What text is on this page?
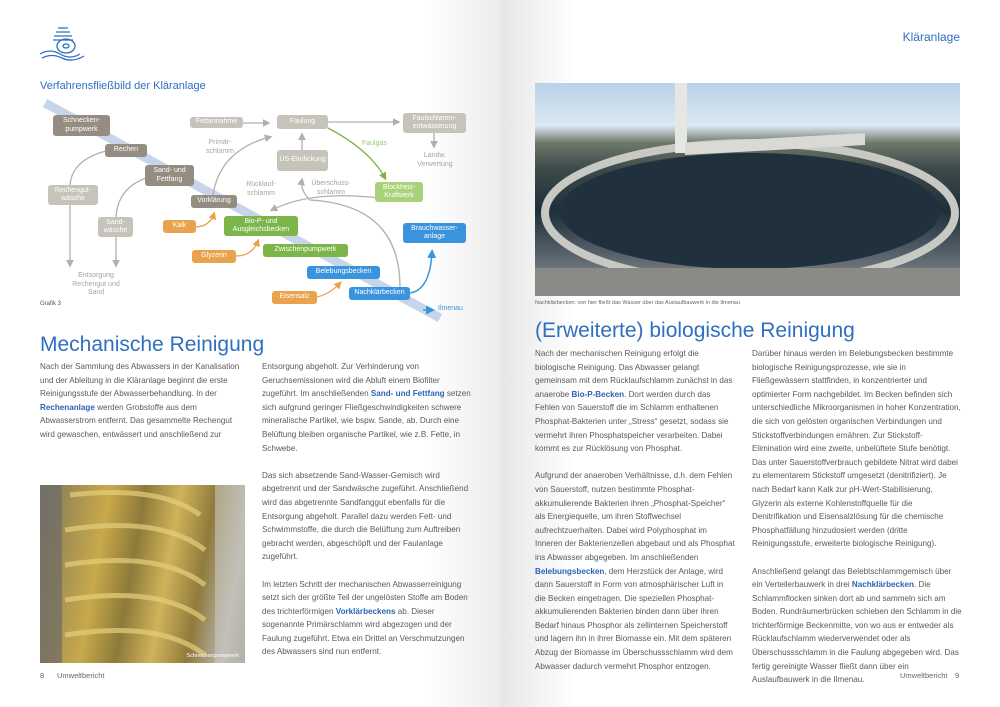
Verfahrensfließbild der Kläranlage
Schnecken-pumpwerk
Rechen
Sand- und Fettfang
Rechengut-wäsche
Sand-wäsche
Vorklärung
Kalk
Bio-P- und Ausgleichsbecken
Glyzerin
Zwischenpumpwerk
Belebungsbecken
Eisensalz
Nachklärbecken
Brauchwasser-anlage
Blockheiz-Kraftwerk
Fettannahme	Faulung	Faulschlamm-entwässerung
ÜS-Eindickung
Primär-schlamm
Faulgas
Landw. Verwertung
Rücklauf-schlamm
Überschuss-schlamm
Entsorgung Rechengut und Sand
Ilmenau
Grafik 3
Mechanische Reinigung

Nach der Sammlung des Abwassers in der Kanalisation und der Ableitung in die Kläranlage beginnt die erste Reinigungsstufe der Abwasserbehandlung. In der Rechenanlage werden Grobstoffe aus dem Abwasserstrom entfernt. Das gesammelte Rechengut wird gewaschen, entwässert und anschließend zur

Schneckenpumpwerk

Entsorgung abgeholt. Zur Verhinderung von Geruchsemissionen wird die Abluft einem Biofilter zugeführt. Im anschließenden Sand- und Fettfang setzen sich aufgrund geringer Fließgeschwindigkeiten schwere mineralische Partikel, wie bspw. Sande, ab. Durch eine Belüftung bleiben organische Partikel, wie z.B. Fette, in Schwebe.

Das sich absetzende Sand-Wasser-Gemisch wird abgetrennt und der Sandwäsche zugeführt. Anschließend wird das abgetrennte Sandfanggut ebenfalls für die Entsorgung abgeholt. Parallel dazu werden Fett- und Schwimmstoffe, die durch die Belüftung zum Auftreiben gebracht werden, abgeschöpft und der Faulanlage zugeführt.

Im letzten Schritt der mechanischen Abwasserreinigung setzt sich der größte Teil der ungelösten Stoffe am Boden des trichterförmigen Vorklärbeckens ab. Dieser sogenannte Primärschlamm wird abgezogen und der Faulung zugeführt. Etwa ein Drittel an Verschmutzungen des Abwassers sind nun entfernt.

8 Umweltbericht
Kläranlage
Nachklärbecken: von hier fließt das Wasser über das Auslaufbauwerk in die Ilmenau
(Erweiterte) biologische Reinigung

Nach der mechanischen Reinigung erfolgt die biologische Reinigung. Das Abwasser gelangt gemeinsam mit dem Rücklaufschlamm zunächst in das anaerobe Bio-P-Becken. Dort werden durch das Fehlen von Sauerstoff die im Schlamm enthaltenen Phosphat-Bakterien unter „Stress“ gesetzt, sodass sie vermehrt ihren Phosphatspeicher verarbeiten. Dabei kommt es zur Rücklösung von Phosphat.

Aufgrund der anaeroben Verhältnisse, d.h. dem Fehlen von Sauerstoff, nutzen bestimmte Phosphat-akkumulierende Bakterien ihren „Phosphat-Speicher“ als Energiequelle, um ihren Stoffwechsel aufrechtzuerhalten. Dabei wird Polyphosphat im Inneren der Bakterienzellen abgebaut und als Phosphat ins Abwasser abgegeben. Im anschließenden Belebungsbecken, dem Herzstück der Anlage, wird dann Sauerstoff in Form von atmosphärischer Luft in die Becken eingetragen. Die speziellen Phosphat-akkumulierenden Bakterien binden dann über ihren Bedarf hinaus Phosphor als zellinternen Speicherstoff und lagern ihn in ihrer Biomasse ein. Mit dem späteren Abzug der Biomasse im Überschussschlamm wird dem Abwasser dadurch vermehrt Phosphor entzogen.

Darüber hinaus werden im Belebungsbecken bestimmte biologische Reinigungsprozesse, wie sie in Fließgewässern stattfinden, in konzentrierter und optimierter Form nachgebildet. Im Becken befinden sich unterschiedliche Mikroorganismen in hoher Konzentration, die sich von gelösten organischen Verbindungen und Stickstoffverbindungen ernähren. Zur Stickstoff-Elimination wird eine zweite, unbelüftete Stufe benötigt. Das unter Sauerstoffverbrauch gebildete Nitrat wird dabei zu elementarem Stickstoff umgesetzt (denitrifiziert). Je nach Bedarf kann Kalk zur pH-Wert-Stabilisierung, Glyzerin als externe Kohlenstoffquelle für die Denitrifikation und Eisensalzlösung für die chemische Phosphatfällung hinzudosiert werden (dritte Reinigungsstufe, erweiterte biologische Reinigung).

Anschließend gelangt das Belebtschlammgemisch über ein Verteilerbauwerk in drei Nachklärbecken. Die Schlammflocken sinken dort ab und sammeln sich am Boden. Rundräumerbrücken schieben den Schlamm in die trichterförmige Beckenmitte, von wo aus er entweder als Rücklaufschlamm wiederverwendet oder als Überschussschlamm in die Faulung abgegeben wird. Das fertig gereinigte Wasser fließt dann über ein Auslaufbauwerk in die Ilmenau.	Umweltbericht 9
